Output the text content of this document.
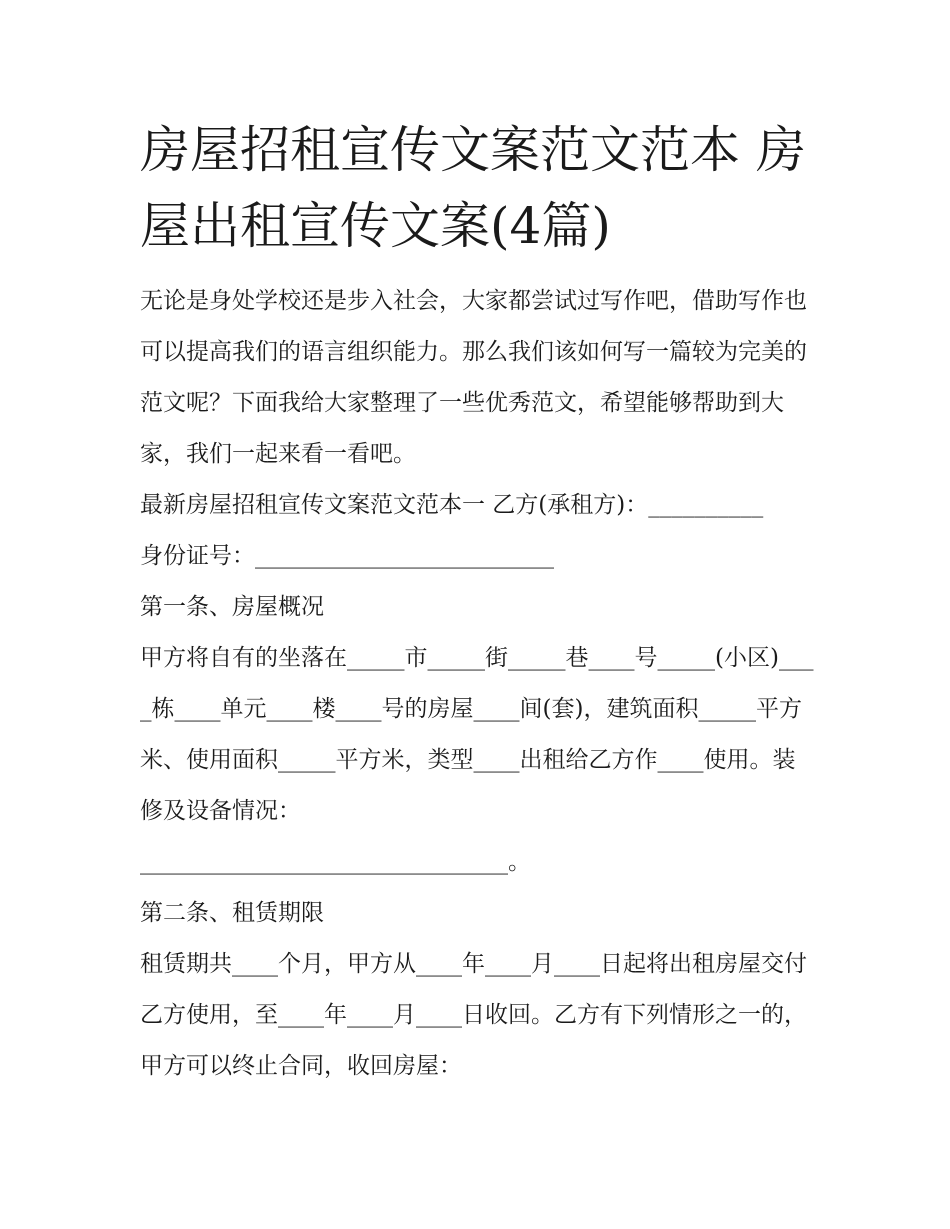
房屋招租宣传文案范文范本 房屋出租宣传文案(4篇)

无论是身处学校还是步入社会，大家都尝试过写作吧，借助写作也可以提高我们的语言组织能力。那么我们该如何写一篇较为完美的范文呢？下面我给大家整理了一些优秀范文，希望能够帮助到大家，我们一起来看一看吧。

最新房屋招租宣传文案范文范本一 乙方(承租方)：__________

身份证号：__________________________

第一条、房屋概况

甲方将自有的坐落在_____市_____街_____巷____号_____(小区)____栋____单元____楼____号的房屋____间(套)，建筑面积_____平方米、使用面积_____平方米，类型____出租给乙方作____使用。装修及设备情况：

________________________________。

第二条、租赁期限

租赁期共____个月，甲方从____年____月____日起将出租房屋交付乙方使用，至____年____月____日收回。乙方有下列情形之一的，甲方可以终止合同，收回房屋：
